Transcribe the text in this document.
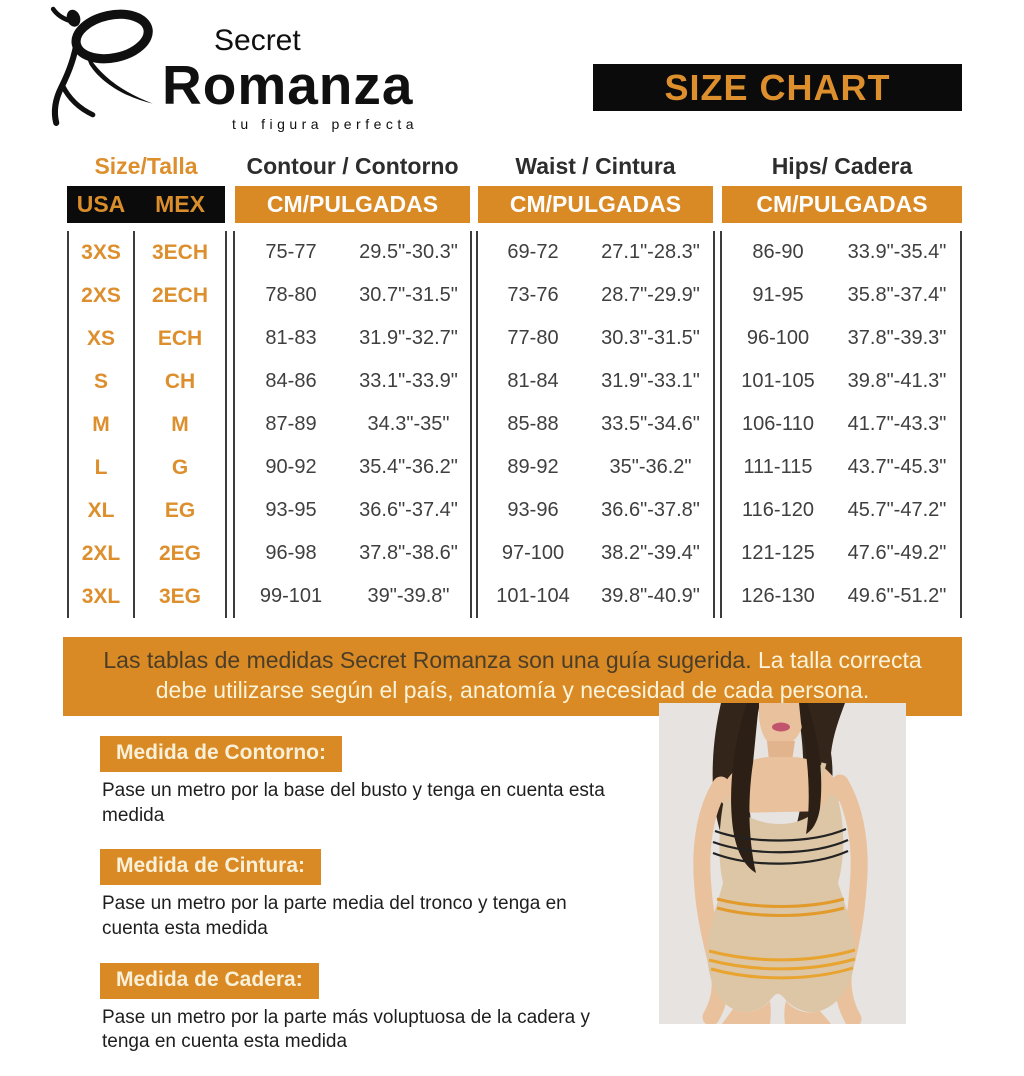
Secret
Romanza
tu figura perfecta
SIZE CHART
Size/Talla	Contour / Contorno	Waist / Cintura	Hips/ Cadera
USA	MEX	CM/PULGADAS	CM/PULGADAS	CM/PULGADAS
3XS	3ECH	75-77	29.5"-30.3"	69-72	27.1"-28.3"	86-90	33.9"-35.4"
2XS	2ECH	78-80	30.7"-31.5"	73-76	28.7"-29.9"	91-95	35.8"-37.4"
XS	ECH	81-83	31.9"-32.7"	77-80	30.3"-31.5"	96-100	37.8"-39.3"
S	CH	84-86	33.1"-33.9"	81-84	31.9"-33.1"	101-105	39.8"-41.3"
M	M	87-89	34.3"-35"	85-88	33.5"-34.6"	106-110	41.7"-43.3"
L	G	90-92	35.4"-36.2"	89-92	35"-36.2"	111-115	43.7"-45.3"
XL	EG	93-95	36.6"-37.4"	93-96	36.6"-37.8"	116-120	45.7"-47.2"
2XL	2EG	96-98	37.8"-38.6"	97-100	38.2"-39.4"	121-125	47.6"-49.2"
3XL	3EG	99-101	39"-39.8"	101-104	39.8"-40.9"	126-130	49.6"-51.2"
Las tablas de medidas Secret Romanza son una guía sugerida. La talla correcta debe utilizarse según el país, anatomía y necesidad de cada persona.
Medida de Contorno:
Pase un metro por la base del busto y tenga en cuenta esta medida
Medida de Cintura:
Pase un metro por la parte media del tronco y tenga en cuenta esta medida
Medida de Cadera:
Pase un metro por la parte más voluptuosa de la cadera y tenga en cuenta esta medida
